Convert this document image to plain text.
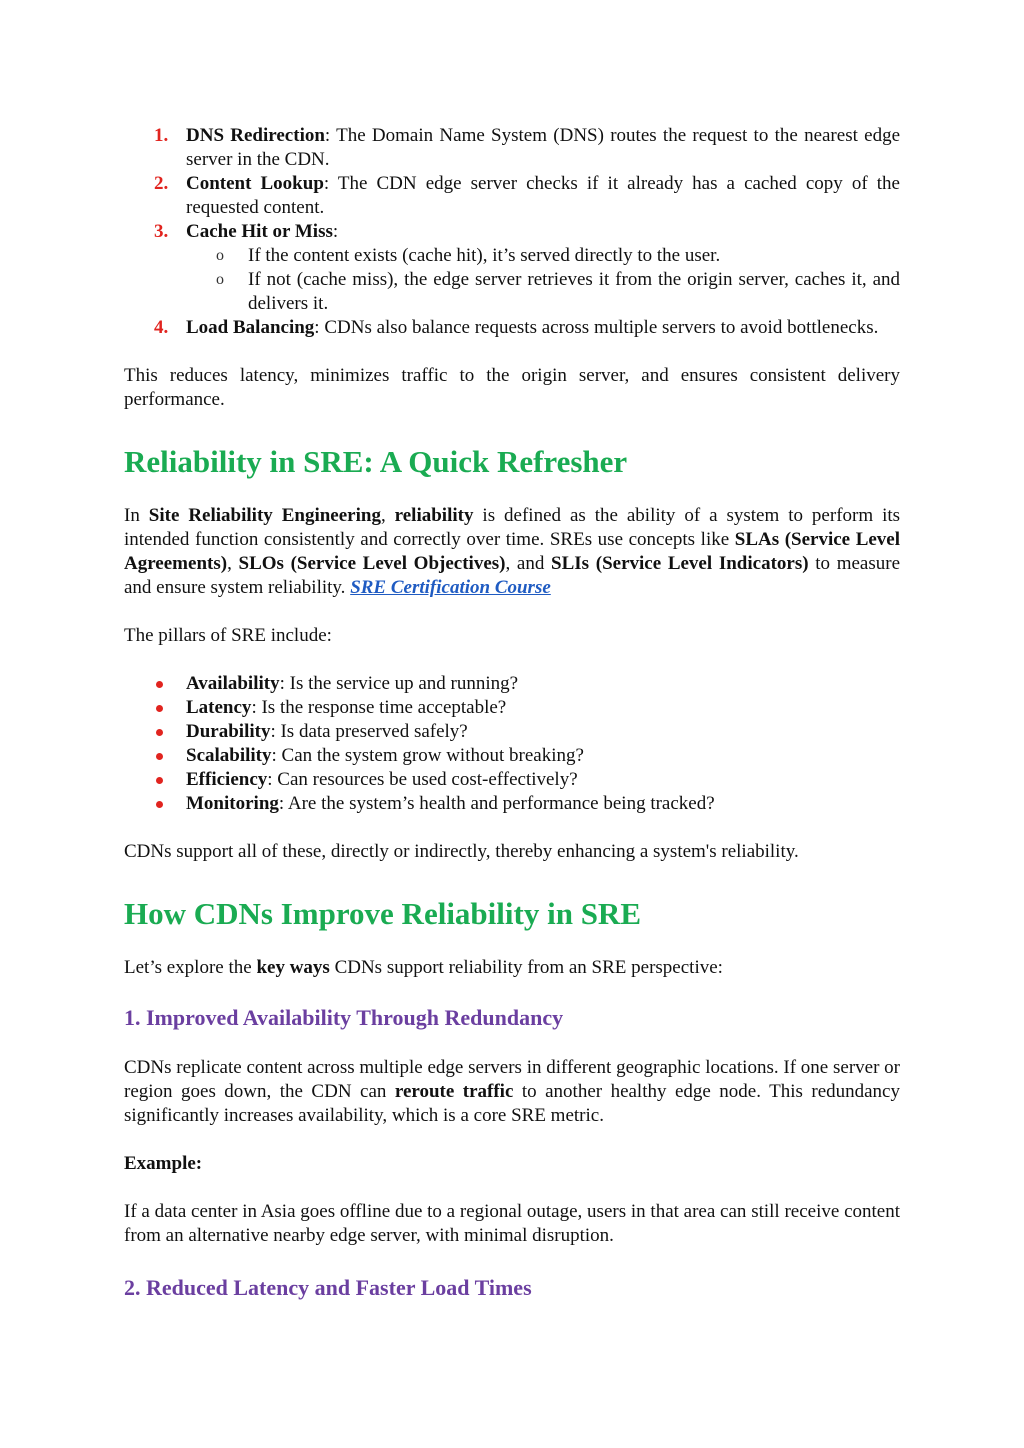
1. DNS Redirection: The Domain Name System (DNS) routes the request to the nearest edge server in the CDN.
2. Content Lookup: The CDN edge server checks if it already has a cached copy of the requested content.
3. Cache Hit or Miss:
o If the content exists (cache hit), it’s served directly to the user.
o If not (cache miss), the edge server retrieves it from the origin server, caches it, and delivers it.
4. Load Balancing: CDNs also balance requests across multiple servers to avoid bottlenecks.

This reduces latency, minimizes traffic to the origin server, and ensures consistent delivery performance.

Reliability in SRE: A Quick Refresher

In Site Reliability Engineering, reliability is defined as the ability of a system to perform its intended function consistently and correctly over time. SREs use concepts like SLAs (Service Level Agreements), SLOs (Service Level Objectives), and SLIs (Service Level Indicators) to measure and ensure system reliability. SRE Certification Course

The pillars of SRE include:

Availability: Is the service up and running?
Latency: Is the response time acceptable?
Durability: Is data preserved safely?
Scalability: Can the system grow without breaking?
Efficiency: Can resources be used cost-effectively?
Monitoring: Are the system’s health and performance being tracked?

CDNs support all of these, directly or indirectly, thereby enhancing a system's reliability.

How CDNs Improve Reliability in SRE

Let’s explore the key ways CDNs support reliability from an SRE perspective:

1. Improved Availability Through Redundancy

CDNs replicate content across multiple edge servers in different geographic locations. If one server or region goes down, the CDN can reroute traffic to another healthy edge node. This redundancy significantly increases availability, which is a core SRE metric.

Example:

If a data center in Asia goes offline due to a regional outage, users in that area can still receive content from an alternative nearby edge server, with minimal disruption.

2. Reduced Latency and Faster Load Times
